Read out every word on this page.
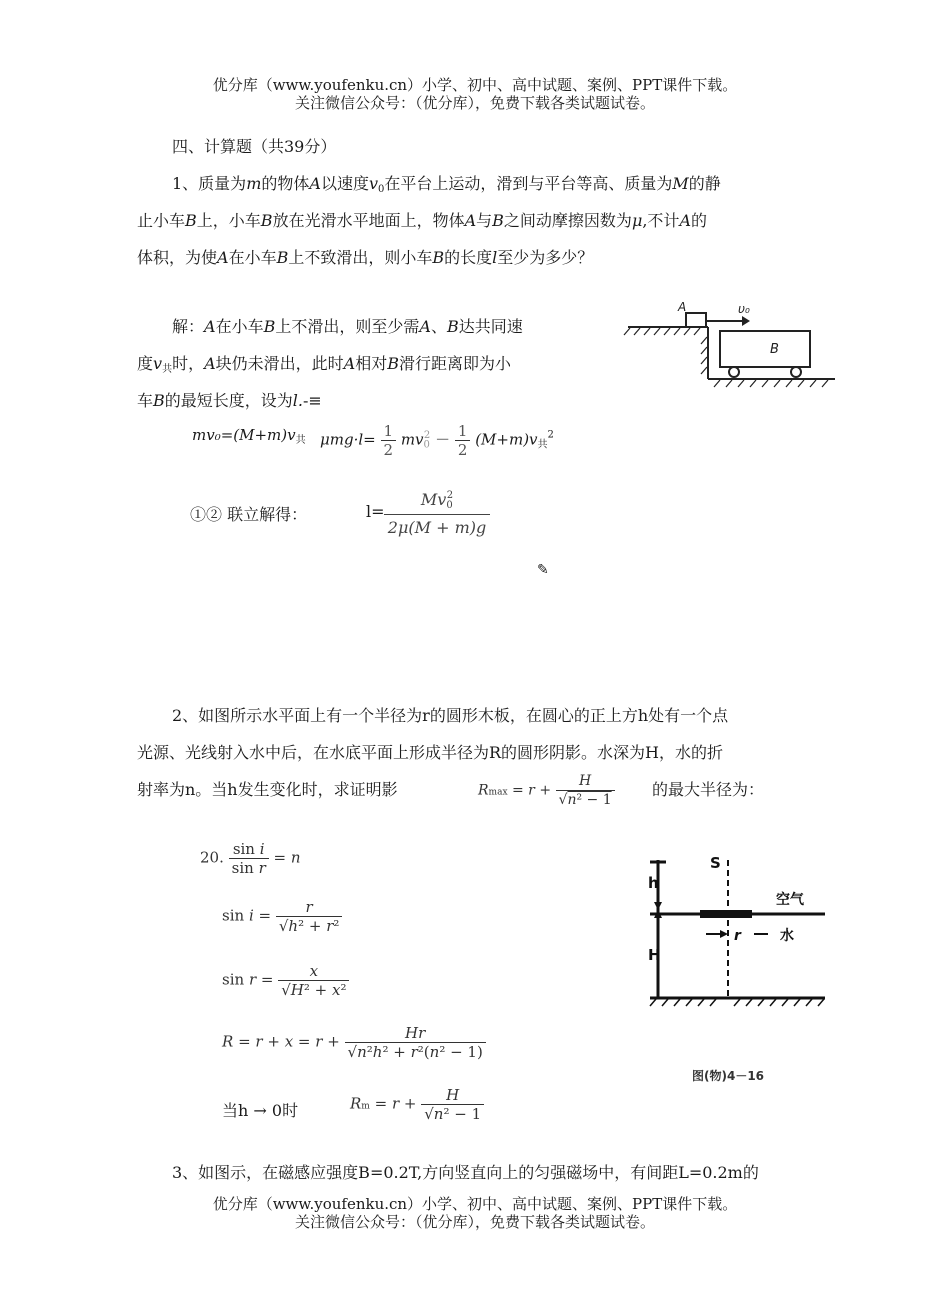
优分库（www.youfenku.cn）小学、初中、高中试题、案例、PPT课件下载。
关注微信公众号：（优分库），免费下载各类试题试卷。
四、计算题（共39分）
1、质量为m的物体A以速度$v_0$在平台上运动，滑到与平台等高、质量为M的静
止小车B上，小车B放在光滑水平地面上，物体A与B之间动摩擦因数为μ,不计A的
体积，为使A在小车B上不致滑出，则小车B的长度l至少为多少？
解：A在小车B上不滑出，则至少需A、B达共同速
度$v_共$时，A块仍未滑出，此时A相对B滑行距离即为小
车B的最短长度，设为l.-≡
$mv_0=(M+m)v_共$ $\mu mg\cdot l= \frac{1}{2} mv_0^2 - \frac{1}{2} (M+m)v_共^2$
①② 联立解得：	l=
$Mv_0^2$
2μ(M + m)g
✎
A	υ₀
B
2、如图所示水平面上有一个半径为r的圆形木板，在圆心的正上方h处有一个点
光源、光线射入水中后，在水底平面上形成半径为R的圆形阴影。水深为H，水的折
射率为n。当h发生变化时，求证明影	$Rmax = r + \frac{H}{\text{√n² − 1}}$ 的最大半径为：
20. $\frac{\text{sin i}}{\text{sin r}} = n$
$\sin i = \frac{r}{\text{√h² + r²}}$
$\sin r = \frac{x}{\text{√H² + x²}}$
$R = r + x = r + \frac{Hr}{\text{√n²h² + r²(n² − 1)}}$
当h → 0时	$Rm = r + \frac{H}{\text{√n² − 1}}$
h
H
S
r
空气
水
图(物)4－16
3、如图示，在磁感应强度B=0.2T,方向竖直向上的匀强磁场中，有间距L=0.2m的
优分库（www.youfenku.cn）小学、初中、高中试题、案例、PPT课件下载。
关注微信公众号：（优分库），免费下载各类试题试卷。
